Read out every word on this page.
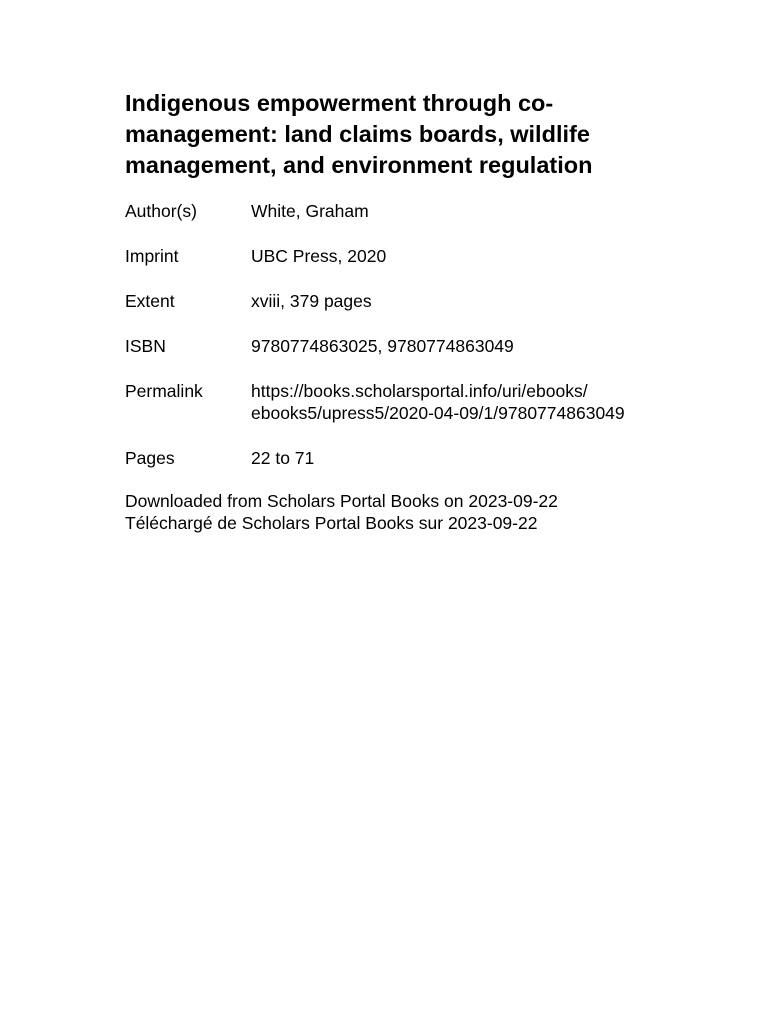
Indigenous empowerment through co-management: land claims boards, wildlife management, and environment regulation
Author(s)	White, Graham
Imprint	UBC Press, 2020
Extent	xviii, 379 pages
ISBN	9780774863025, 9780774863049
Permalink	https://books.scholarsportal.info/uri/ebooks/
ebooks5/upress5/2020-04-09/1/9780774863049
Pages	22 to 71
Downloaded from Scholars Portal Books on 2023-09-22
Téléchargé de Scholars Portal Books sur 2023-09-22
